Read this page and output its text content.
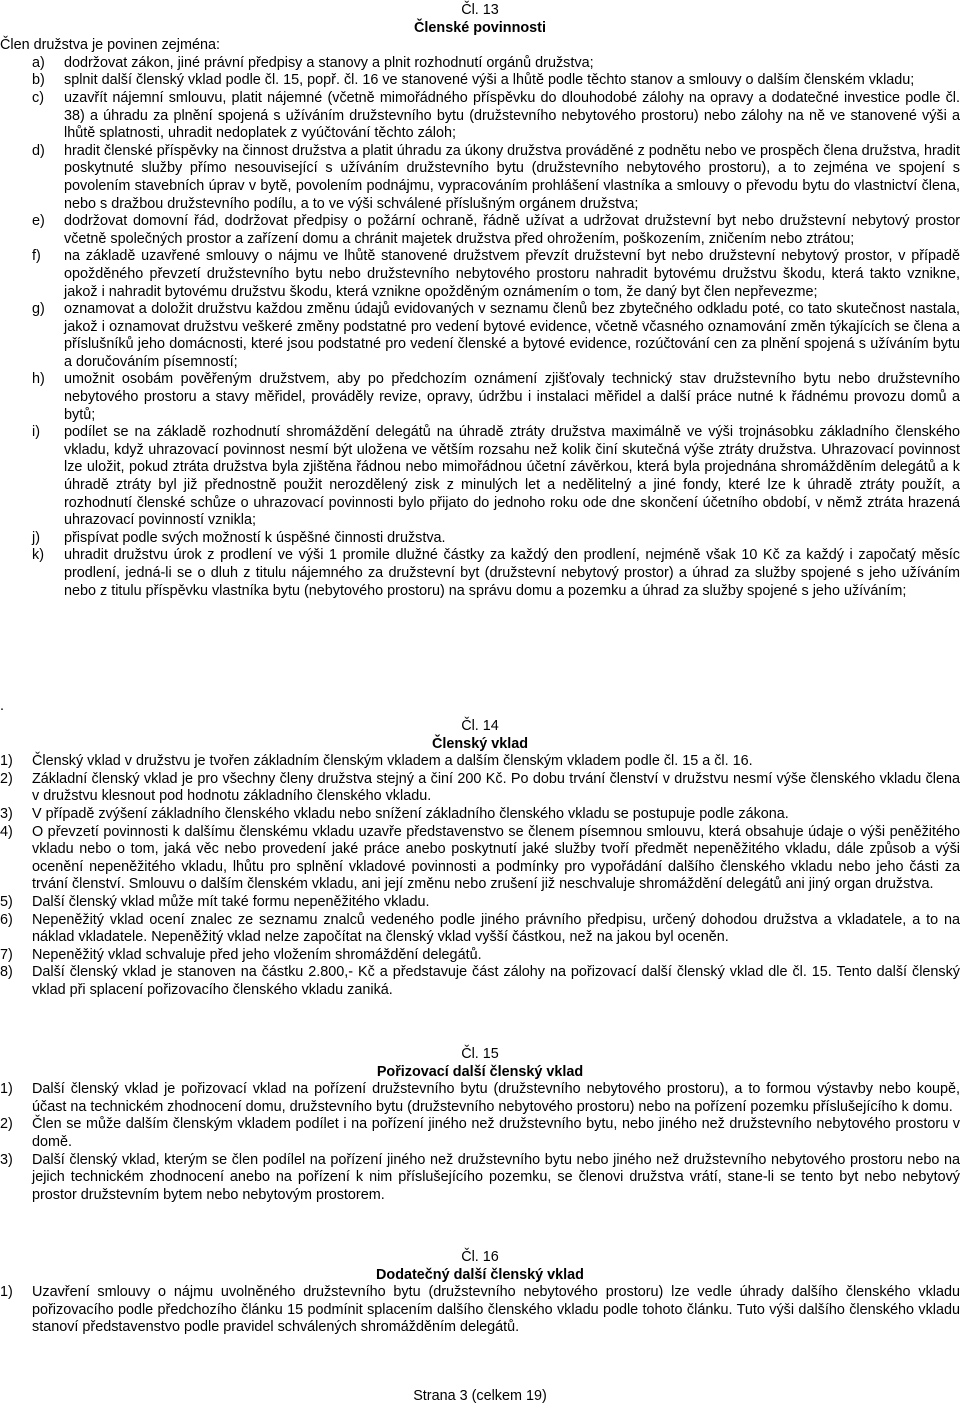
Čl. 13
Členské povinnosti
Člen družstva je povinen zejména:
a) dodržovat zákon, jiné právní předpisy a stanovy a plnit rozhodnutí orgánů družstva;
b) splnit další členský vklad podle čl. 15, popř. čl. 16 ve stanovené výši a lhůtě podle těchto stanov a smlouvy o dalším členském vkladu;
c) uzavřít nájemní smlouvu, platit nájemné (včetně mimořádného příspěvku do dlouhodobé zálohy na opravy a dodatečné investice podle čl. 38) a úhradu za plnění spojená s užíváním družstevního bytu (družstevního nebytového prostoru) nebo zálohy na ně ve stanovené výši a lhůtě splatnosti, uhradit nedoplatek z vyúčtování těchto záloh;
d) hradit členské příspěvky na činnost družstva a platit úhradu za úkony družstva prováděné z podnětu nebo ve prospěch člena družstva, hradit poskytnuté služby přímo nesouvisející s užíváním družstevního bytu (družstevního nebytového prostoru), a to zejména ve spojení s povolením stavebních úprav v bytě, povolením podnájmu, vypracováním prohlášení vlastníka a smlouvy o převodu bytu do vlastnictví člena, nebo s dražbou družstevního podílu, a to ve výši schválené příslušným orgánem družstva;
e) dodržovat domovní řád, dodržovat předpisy o požární ochraně, řádně užívat a udržovat družstevní byt nebo družstevní nebytový prostor včetně společných prostor a zařízení domu a chránit majetek družstva před ohrožením, poškozením, zničením nebo ztrátou;
f) na základě uzavřené smlouvy o nájmu ve lhůtě stanovené družstvem převzít družstevní byt nebo družstevní nebytový prostor, v případě opožděného převzetí družstevního bytu nebo družstevního nebytového prostoru nahradit bytovému družstvu škodu, která takto vznikne, jakož i nahradit bytovému družstvu škodu, která vznikne opožděným oznámením o tom, že daný byt člen nepřevezme;
g) oznamovat a doložit družstvu každou změnu údajů evidovaných v seznamu členů bez zbytečného odkladu poté, co tato skutečnost nastala, jakož i oznamovat družstvu veškeré změny podstatné pro vedení bytové evidence, včetně včasného oznamování změn týkajících se člena a příslušníků jeho domácnosti, které jsou podstatné pro vedení členské a bytové evidence, rozúčtování cen za plnění spojená s užíváním bytu a doručováním písemností;
h) umožnit osobám pověřeným družstvem, aby po předchozím oznámení zjišťovaly technický stav družstevního bytu nebo družstevního nebytového prostoru a stavy měřidel, prováděly revize, opravy, údržbu i instalaci měřidel a další práce nutné k řádnému provozu domů a bytů;
i) podílet se na základě rozhodnutí shromáždění delegátů na úhradě ztráty družstva maximálně ve výši trojnásobku základního členského vkladu, když uhrazovací povinnost nesmí být uložena ve větším rozsahu než kolik činí skutečná výše ztráty družstva. Uhrazovací povinnost lze uložit, pokud ztráta družstva byla zjištěna řádnou nebo mimořádnou účetní závěrkou, která byla projednána shromážděním delegátů a k úhradě ztráty byl již přednostně použit nerozdělený zisk z minulých let a nedělitelný a jiné fondy, které lze k úhradě ztráty použít, a rozhodnutí členské schůze o uhrazovací povinnosti bylo přijato do jednoho roku ode dne skončení účetního období, v němž ztráta hrazená uhrazovací povinností vznikla;
j) přispívat podle svých možností k úspěšné činnosti družstva.
k) uhradit družstvu úrok z prodlení ve výši 1 promile dlužné částky za každý den prodlení, nejméně však 10 Kč za každý i započatý měsíc prodlení, jedná-li se o dluh z titulu nájemného za družstevní byt (družstevní nebytový prostor) a úhrad za služby spojené s jeho užíváním nebo z titulu příspěvku vlastníka bytu (nebytového prostoru) na správu domu a pozemku a úhrad za služby spojené s jeho užíváním;
.
Čl. 14
Členský vklad
1) Členský vklad v družstvu je tvořen základním členským vkladem a dalším členským vkladem podle čl. 15 a čl. 16.
2) Základní členský vklad je pro všechny členy družstva stejný a činí 200 Kč. Po dobu trvání členství v družstvu nesmí výše členského vkladu člena v družstvu klesnout pod hodnotu základního členského vkladu.
3) V případě zvýšení základního členského vkladu nebo snížení základního členského vkladu se postupuje podle zákona.
4) O převzetí povinnosti k dalšímu členskému vkladu uzavře představenstvo se členem písemnou smlouvu, která obsahuje údaje o výši peněžitého vkladu nebo o tom, jaká věc nebo provedení jaké práce anebo poskytnutí jaké služby tvoří předmět nepeněžitého vkladu, dále způsob a výši ocenění nepeněžitého vkladu, lhůtu pro splnění vkladové povinnosti a podmínky pro vypořádání dalšího členského vkladu nebo jeho části za trvání členství. Smlouvu o dalším členském vkladu, ani její změnu nebo zrušení již neschvaluje shromáždění delegátů ani jiný organ družstva.
5) Další členský vklad může mít také formu nepeněžitého vkladu.
6) Nepeněžitý vklad ocení znalec ze seznamu znalců vedeného podle jiného právního předpisu, určený dohodou družstva a vkladatele, a to na náklad vkladatele. Nepeněžitý vklad nelze započítat na členský vklad vyšší částkou, než na jakou byl oceněn.
7) Nepeněžitý vklad schvaluje před jeho vložením shromáždění delegátů.
8) Další členský vklad je stanoven na částku 2.800,- Kč a představuje část zálohy na pořizovací další členský vklad dle čl. 15. Tento další členský vklad při splacení pořizovacího členského vkladu zaniká.
Čl. 15
Pořizovací další členský vklad
1) Další členský vklad je pořizovací vklad na pořízení družstevního bytu (družstevního nebytového prostoru), a to formou výstavby nebo koupě, účast na technickém zhodnocení domu, družstevního bytu (družstevního nebytového prostoru) nebo na pořízení pozemku příslušejícího k domu.
2) Člen se může dalším členským vkladem podílet i na pořízení jiného než družstevního bytu, nebo jiného než družstevního nebytového prostoru v domě.
3) Další členský vklad, kterým se člen podílel na pořízení jiného než družstevního bytu nebo jiného než družstevního nebytového prostoru nebo na jejich technickém zhodnocení anebo na pořízení k nim příslušejícího pozemku, se členovi družstva vrátí, stane-li se tento byt nebo nebytový prostor družstevním bytem nebo nebytovým prostorem.
Čl. 16
Dodatečný další členský vklad
1) Uzavření smlouvy o nájmu uvolněného družstevního bytu (družstevního nebytového prostoru) lze vedle úhrady dalšího členského vkladu pořizovacího podle předchozího článku 15 podmínit splacením dalšího členského vkladu podle tohoto článku. Tuto výši dalšího členského vkladu stanoví představenstvo podle pravidel schválených shromážděním delegátů.
Strana 3 (celkem 19)
